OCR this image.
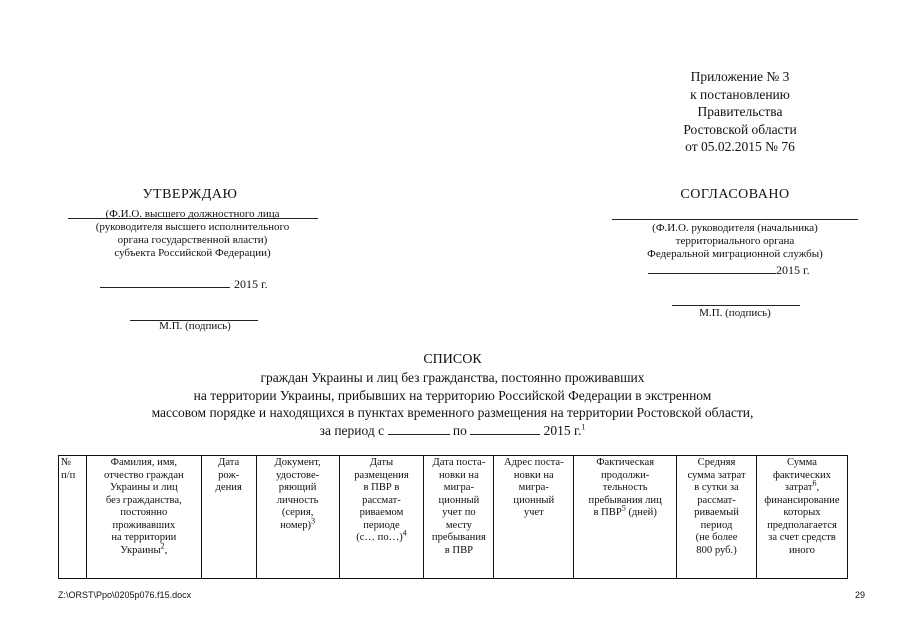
Приложение № 3
к постановлению
Правительства
Ростовской области
от 05.02.2015 № 76
УТВЕРЖДАЮ
(Ф.И.О. высшего должностного лица
(руководителя высшего исполнительного
органа государственной власти)
субъекта Российской Федерации)
2015 г.
М.П. (подпись)
СОГЛАСОВАНО
(Ф.И.О. руководителя (начальника)
территориального органа
Федеральной миграционной службы)
2015 г.
М.П. (подпись)
СПИСОК
граждан Украины и лиц без гражданства, постоянно проживавших
на территории Украины, прибывших на территорию Российской Федерации в экстренном
массовом порядке и находящихся в пунктах временного размещения на территории Ростовской области,
за период с	по	2015 г.$^1$
№
п/п	Фамилия, имя,
отчество граждан
Украины и лиц
без гражданства,
постоянно
проживавших
на территории
Украины$^2$,	Дата
рож-
дения	Документ,
удостове-
ряющий
личность
(серия,
номер)$^3$	Даты
размещения
в ПВР в
рассмат-
риваемом
периоде
(с… по…)$^4$	Дата поста-
новки на
мигра-
ционный
учет по
месту
пребывания
в ПВР	Адрес поста-
новки на
мигра-
ционный
учет	Фактическая
продолжи-
тельность
пребывания лиц
в ПВР$^5$ (дней)	Средняя
сумма затрат
в сутки за
рассмат-
риваемый
период
(не более
800 руб.)	Сумма
фактических
затрат$^6$,
финансирование
которых
предполагается
за счет средств
иного
Z:\ORST\Ppo\0205p076.f15.docx	29
